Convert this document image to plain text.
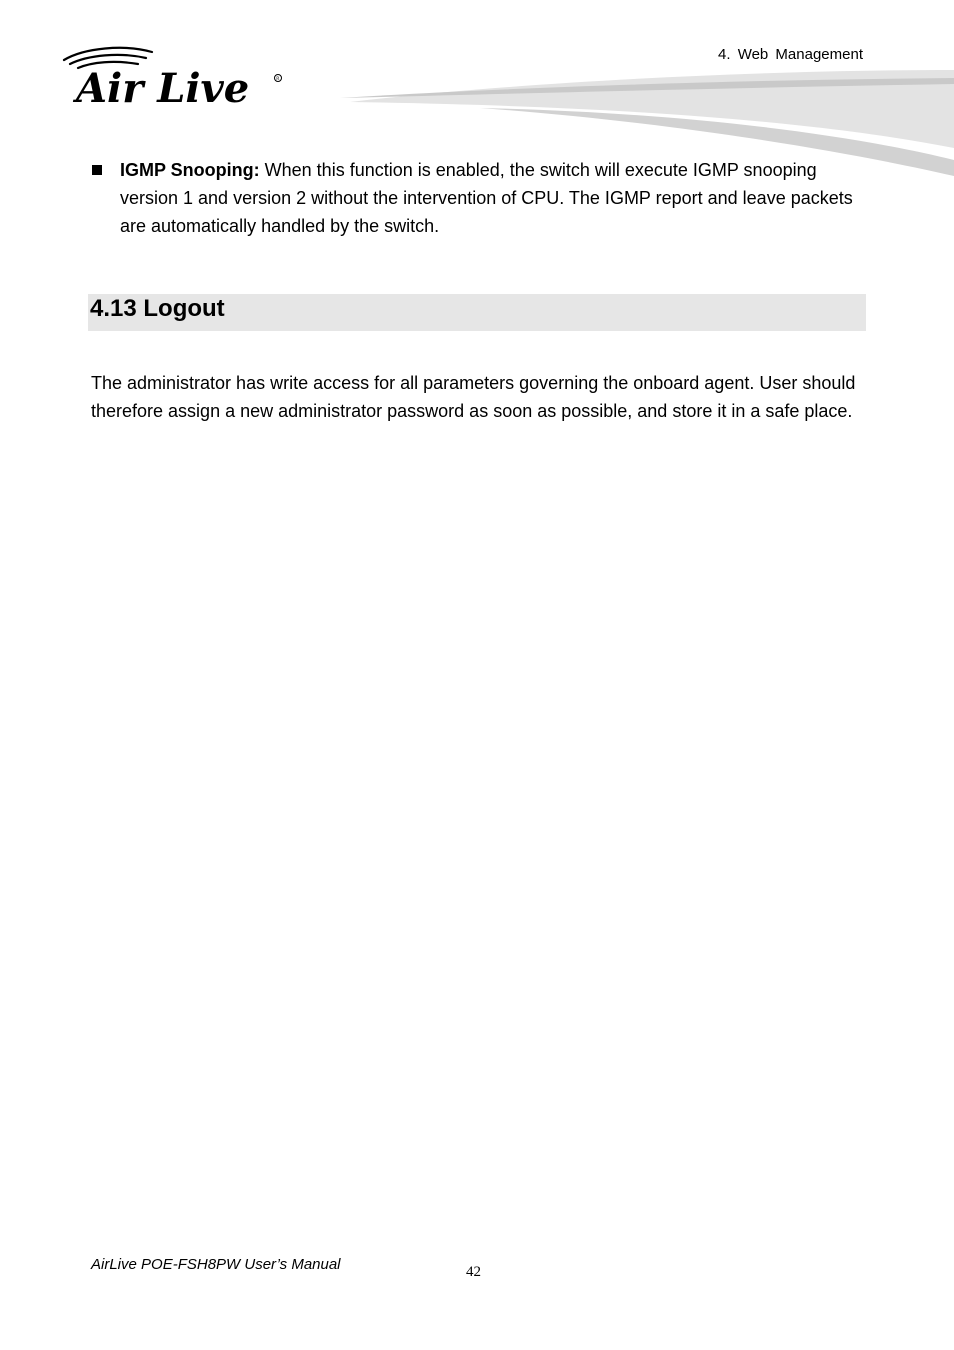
Air Live	R
4. Web Management
IGMP Snooping: When this function is enabled, the switch will execute IGMP snooping version 1 and version 2 without the intervention of CPU. The IGMP report and leave packets are automatically handled by the switch.
4.13 Logout
The administrator has write access for all parameters governing the onboard agent. User should therefore assign a new administrator password as soon as possible, and store it in a safe place.
AirLive POE-FSH8PW User’s Manual	42
